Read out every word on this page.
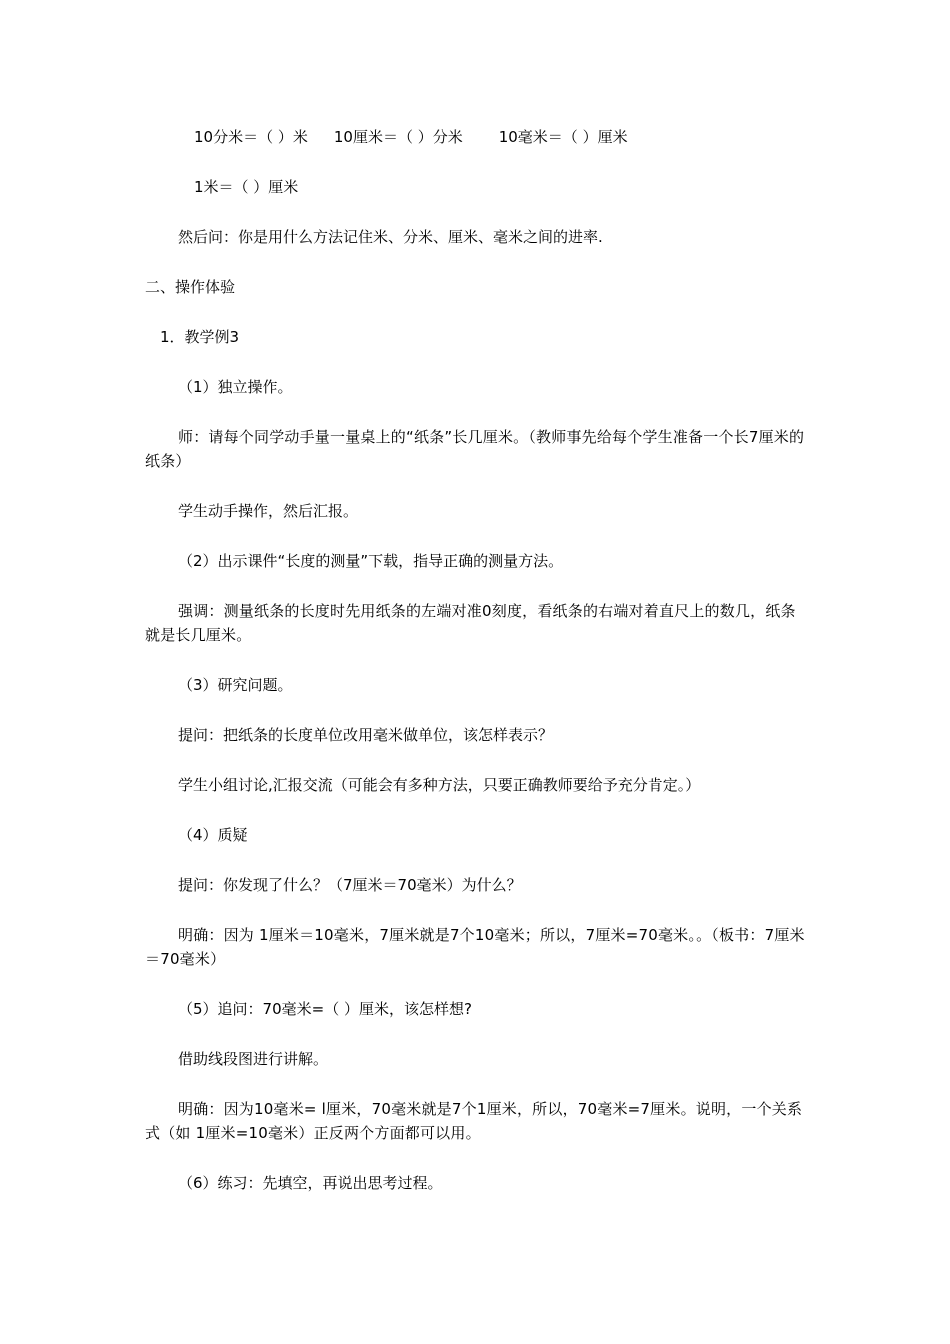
10分米＝（ ）米 10厘米＝（ ）分米 10毫米＝（ ）厘米
1米＝（ ）厘米
然后问：你是用什么方法记住米、分米、厘米、毫米之间的进率.
二、操作体验
1．教学例3
（1）独立操作。
师：请每个同学动手量一量桌上的“纸条”长几厘米。（教师事先给每个学生准备一个长7厘米的纸条）
学生动手操作，然后汇报。
（2）出示课件“长度的测量”下载，指导正确的测量方法。
强调：测量纸条的长度时先用纸条的左端对准0刻度，看纸条的右端对着直尺上的数几，纸条就是长几厘米。
（3）研究问题。
提问：把纸条的长度单位改用毫米做单位，该怎样表示？
学生小组讨论,汇报交流（可能会有多种方法，只要正确教师要给予充分肯定。）
（4）质疑
提问：你发现了什么？（7厘米＝70毫米）为什么？
明确：因为 1厘米＝10毫米，7厘米就是7个10毫米；所以，7厘米=70毫米。。（板书：7厘米＝70毫米）
（5）追问：70毫米=（ ）厘米，该怎样想?
借助线段图进行讲解。
明确：因为10毫米= l厘米，70毫米就是7个1厘米，所以，70毫米=7厘米。说明，一个关系式（如 1厘米=10毫米）正反两个方面都可以用。
（6）练习：先填空，再说出思考过程。
